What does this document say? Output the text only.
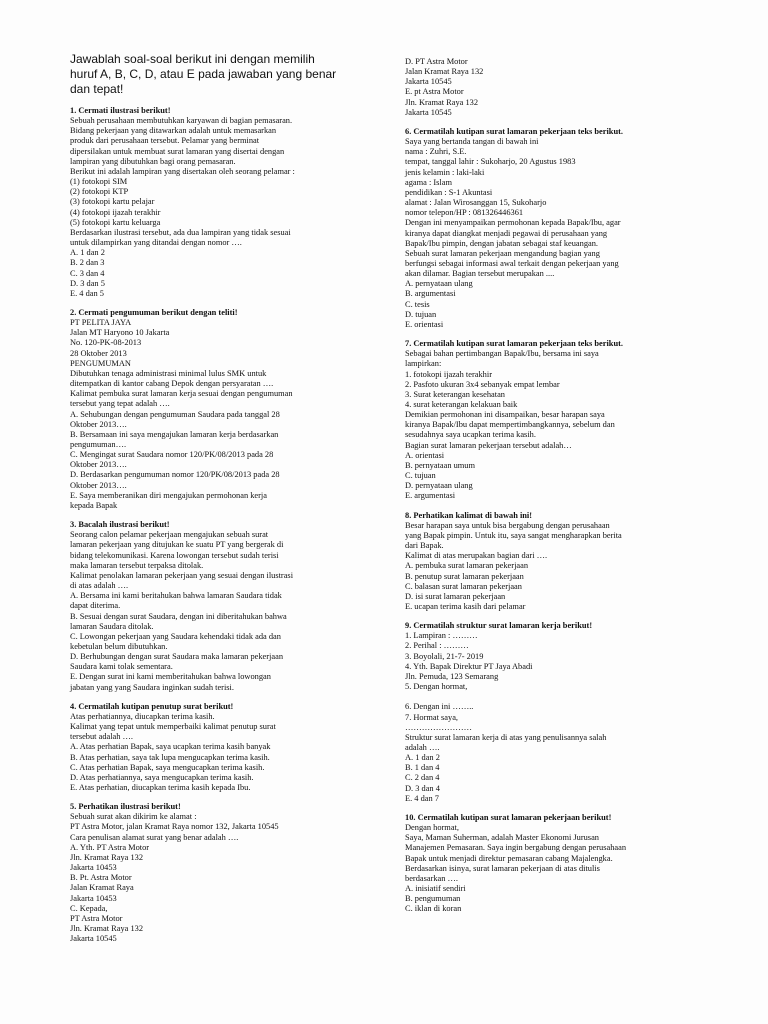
Jawablah soal-soal berikut ini dengan memilih
huruf A, B, C, D, atau E pada jawaban yang benar
dan tepat!
1. Cermati ilustrasi berikut!
Sebuah perusahaan membutuhkan karyawan di bagian pemasaran.
Bidang pekerjaan yang ditawarkan adalah untuk memasarkan
produk dari perusahaan tersebut. Pelamar yang berminat
dipersilakan untuk membuat surat lamaran yang disertai dengan
lampiran yang dibutuhkan bagi orang pemasaran.
Berikut ini adalah lampiran yang disertakan oleh seorang pelamar :
(1) fotokopi SIM
(2) fotokopi KTP
(3) fotokopi kartu pelajar
(4) fotokopi ijazah terakhir
(5) fotokopi kartu keluarga
Berdasarkan ilustrasi tersebut, ada dua lampiran yang tidak sesuai
untuk dilampirkan yang ditandai dengan nomor ….
A. 1 dan 2
B. 2 dan 3
C. 3 dan 4
D. 3 dan 5
E. 4 dan 5
2. Cermati pengumuman berikut dengan teliti!
PT PELITA JAYA
Jalan MT Haryono 10 Jakarta
No. 120-PK-08-2013
28 Oktober 2013
PENGUMUMAN
Dibutuhkan tenaga administrasi minimal lulus SMK untuk
ditempatkan di kantor cabang Depok dengan persyaratan ….
Kalimat pembuka surat lamaran kerja sesuai dengan pengumuman
tersebut yang tepat adalah ….
A. Sehubungan dengan pengumuman Saudara pada tanggal 28
Oktober 2013….
B. Bersamaan ini saya mengajukan lamaran kerja berdasarkan
pengumuman….
C. Mengingat surat Saudara nomor 120/PK/08/2013 pada 28
Oktober 2013….
D. Berdasarkan pengumuman nomor 120/PK/08/2013 pada 28
Oktober 2013….
E. Saya memberanikan diri mengajukan permohonan kerja
kepada Bapak
3. Bacalah ilustrasi berikut!
Seorang calon pelamar pekerjaan mengajukan sebuah surat
lamaran pekerjaan yang ditujukan ke suatu PT yang bergerak di
bidang telekomunikasi. Karena lowongan tersebut sudah terisi
maka lamaran tersebut terpaksa ditolak.
Kalimat penolakan lamaran pekerjaan yang sesuai dengan ilustrasi
di atas adalah ….
A. Bersama ini kami beritahukan bahwa lamaran Saudara tidak
dapat diterima.
B. Sesuai dengan surat Saudara, dengan ini diberitahukan bahwa
lamaran Saudara ditolak.
C. Lowongan pekerjaan yang Saudara kehendaki tidak ada dan
kebetulan belum dibutuhkan.
D. Berhubungan dengan surat Saudara maka lamaran pekerjaan
Saudara kami tolak sementara.
E. Dengan surat ini kami memberitahukan bahwa lowongan
jabatan yang yang Saudara inginkan sudah terisi.
4. Cermatilah kutipan penutup surat berikut!
Atas perhatiannya, diucapkan terima kasih.
Kalimat yang tepat untuk memperbaiki kalimat penutup surat
tersebut adalah ….
A. Atas perhatian Bapak, saya ucapkan terima kasih banyak
B. Atas perhatian, saya tak lupa mengucapkan terima kasih.
C. Atas perhatian Bapak, saya mengucapkan terima kasih.
D. Atas perhatiannya, saya mengucapkan terima kasih.
E. Atas perhatian, diucapkan terima kasih kepada Ibu.
5. Perhatikan ilustrasi berikut!
Sebuah surat akan dikirim ke alamat :
PT Astra Motor, jalan Kramat Raya nomor 132, Jakarta 10545
Cara penulisan alamat surat yang benar adalah ….
A. Yth. PT Astra Motor
Jln. Kramat Raya 132
Jakarta 10453
B. Pt. Astra Motor
Jalan Kramat Raya
Jakarta 10453
C. Kepada,
PT Astra Motor
Jln. Kramat Raya 132
Jakarta 10545
D. PT Astra Motor
Jalan Kramat Raya 132
Jakarta 10545
E. pt Astra Motor
Jln. Kramat Raya 132
Jakarta 10545
6. Cermatilah kutipan surat lamaran pekerjaan teks berikut.
Saya yang bertanda tangan di bawah ini
nama : Zuhri, S.E.
tempat, tanggal lahir : Sukoharjo, 20 Agustus 1983
jenis kelamin : laki-laki
agama : Islam
pendidikan : S-1 Akuntasi
alamat : Jalan Wirosanggan 15, Sukoharjo
nomor telepon/HP : 081326446361
Dengan ini menyampaikan permohonan kepada Bapak/Ibu, agar
kiranya dapat diangkat menjadi pegawai di perusahaan yang
Bapak/Ibu pimpin, dengan jabatan sebagai staf keuangan.
Sebuah surat lamaran pekerjaan mengandung bagian yang
berfungsi sebagai informasi awal terkait dengan pekerjaan yang
akan dilamar. Bagian tersebut merupakan ....
A. pernyataan ulang
B. argumentasi
C. tesis
D. tujuan
E. orientasi
7. Cermatilah kutipan surat lamaran pekerjaan teks berikut.
Sebagai bahan pertimbangan Bapak/Ibu, bersama ini saya
lampirkan:
1. fotokopi ijazah terakhir
2. Pasfoto ukuran 3x4 sebanyak empat lembar
3. Surat keterangan kesehatan
4. surat keterangan kelakuan baik
Demikian permohonan ini disampaikan, besar harapan saya
kiranya Bapak/Ibu dapat mempertimbangkannya, sebelum dan
sesudahnya saya ucapkan terima kasih.
Bagian surat lamaran pekerjaan tersebut adalah…
A. orientasi
B. pernyataan umum
C. tujuan
D. pernyataan ulang
E. argumentasi
8. Perhatikan kalimat di bawah ini!
Besar harapan saya untuk bisa bergabung dengan perusahaan
yang Bapak pimpin. Untuk itu, saya sangat mengharapkan berita
dari Bapak.
Kalimat di atas merupakan bagian dari ….
A. pembuka surat lamaran pekerjaan
B. penutup surat lamaran pekerjaan
C. balasan surat lamaran pekerjaan
D. isi surat lamaran pekerjaan
E. ucapan terima kasih dari pelamar
9. Cermatilah struktur surat lamaran kerja berikut!
1. Lampiran : ………
2. Perihal : ………
3. Boyolali, 21-7- 2019
4. Yth. Bapak Direktur PT Jaya Abadi
Jln. Pemuda, 123 Semarang
5. Dengan hormat,

6. Dengan ini ……..
7. Hormat saya,
……………………
Struktur surat lamaran kerja di atas yang penulisannya salah
adalah ….
A. 1 dan 2
B. 1 dan 4
C. 2 dan 4
D. 3 dan 4
E. 4 dan 7
10. Cermatilah kutipan surat lamaran pekerjaan berikut!
Dengan hormat,
Saya, Maman Suherman, adalah Master Ekonomi Jurusan
Manajemen Pemasaran. Saya ingin bergabung dengan perusahaan
Bapak untuk menjadi direktur pemasaran cabang Majalengka.
Berdasarkan isinya, surat lamaran pekerjaan di atas ditulis
berdasarkan ….
A. inisiatif sendiri
B. pengumuman
C. iklan di koran
